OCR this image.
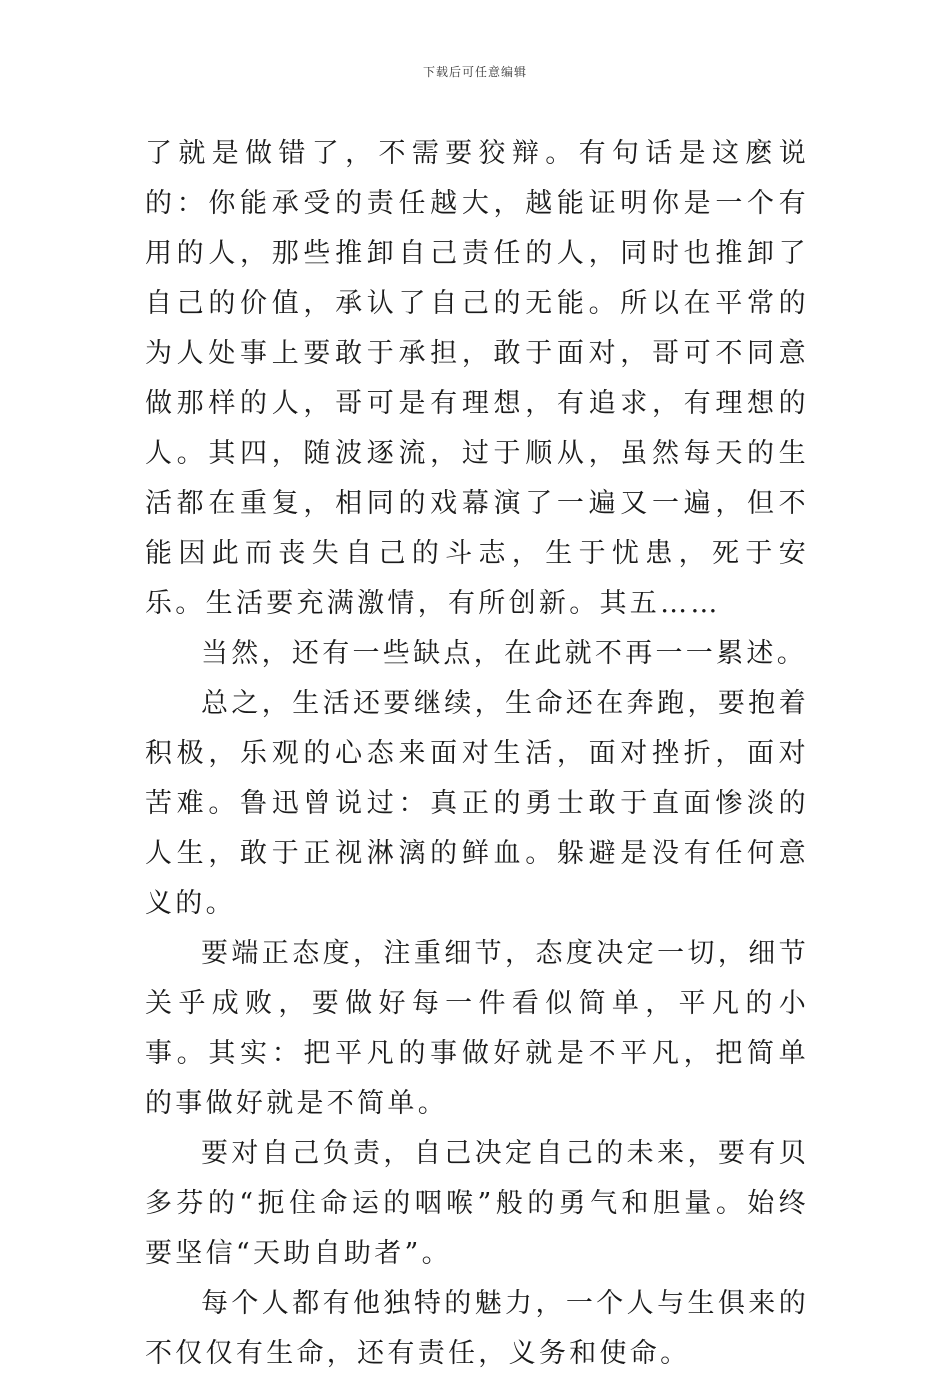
下载后可任意编辑

了就是做错了，不需要狡辩。有句话是这麽说的：你能承受的责任越大，越能证明你是一个有用的人，那些推卸自己责任的人，同时也推卸了自己的价值，承认了自己的无能。所以在平常的为人处事上要敢于承担，敢于面对，哥可不同意做那样的人，哥可是有理想，有追求，有理想的人。其四，随波逐流，过于顺从，虽然每天的生活都在重复，相同的戏幕演了一遍又一遍，但不能因此而丧失自己的斗志，生于忧患，死于安乐。生活要充满激情，有所创新。其五……

当然，还有一些缺点，在此就不再一一累述。

总之，生活还要继续，生命还在奔跑，要抱着积极，乐观的心态来面对生活，面对挫折，面对苦难。鲁迅曾说过：真正的勇士敢于直面惨淡的人生，敢于正视淋漓的鲜血。躲避是没有任何意义的。

要端正态度，注重细节，态度决定一切，细节关乎成败，要做好每一件看似简单，平凡的小事。其实：把平凡的事做好就是不平凡，把简单的事做好就是不简单。

要对自己负责，自己决定自己的未来，要有贝多芬的“扼住命运的咽喉”般的勇气和胆量。始终要坚信“天助自助者”。

每个人都有他独特的魅力，一个人与生俱来的不仅仅有生命，还有责任，义务和使命。
